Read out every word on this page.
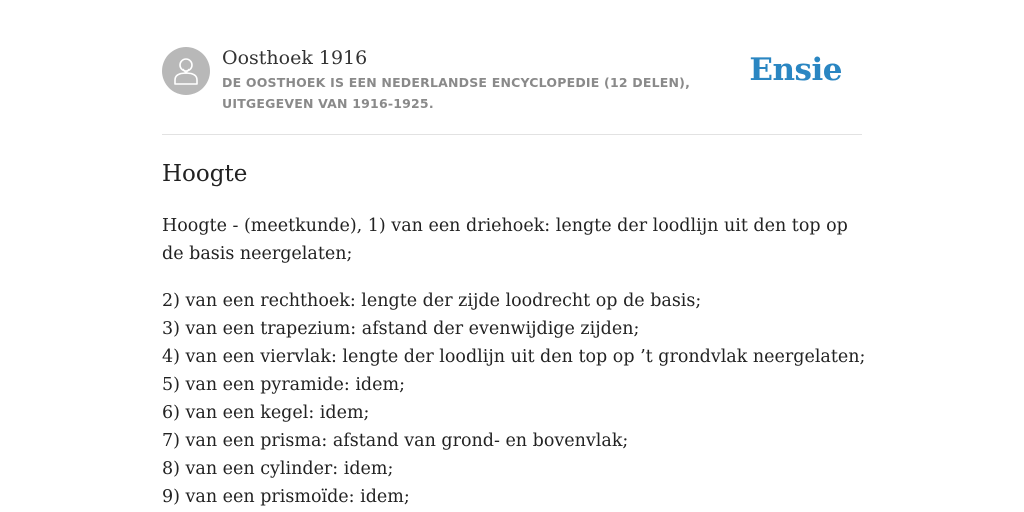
Oosthoek 1916
DE OOSTHOEK IS EEN NEDERLANDSE ENCYCLOPEDIE (12 DELEN), UITGEGEVEN VAN 1916-1925.
Ensie
Hoogte

Hoogte - (meetkunde), 1) van een driehoek: lengte der loodlijn uit den top op de basis neergelaten;

2) van een rechthoek: lengte der zijde loodrecht op de basis;
3) van een trapezium: afstand der evenwijdige zijden;
4) van een viervlak: lengte der loodlijn uit den top op ’t grondvlak neergelaten;
5) van een pyramide: idem;
6) van een kegel: idem;
7) van een prisma: afstand van grond- en bovenvlak;
8) van een cylinder: idem;
9) van een prismoïde: idem;
